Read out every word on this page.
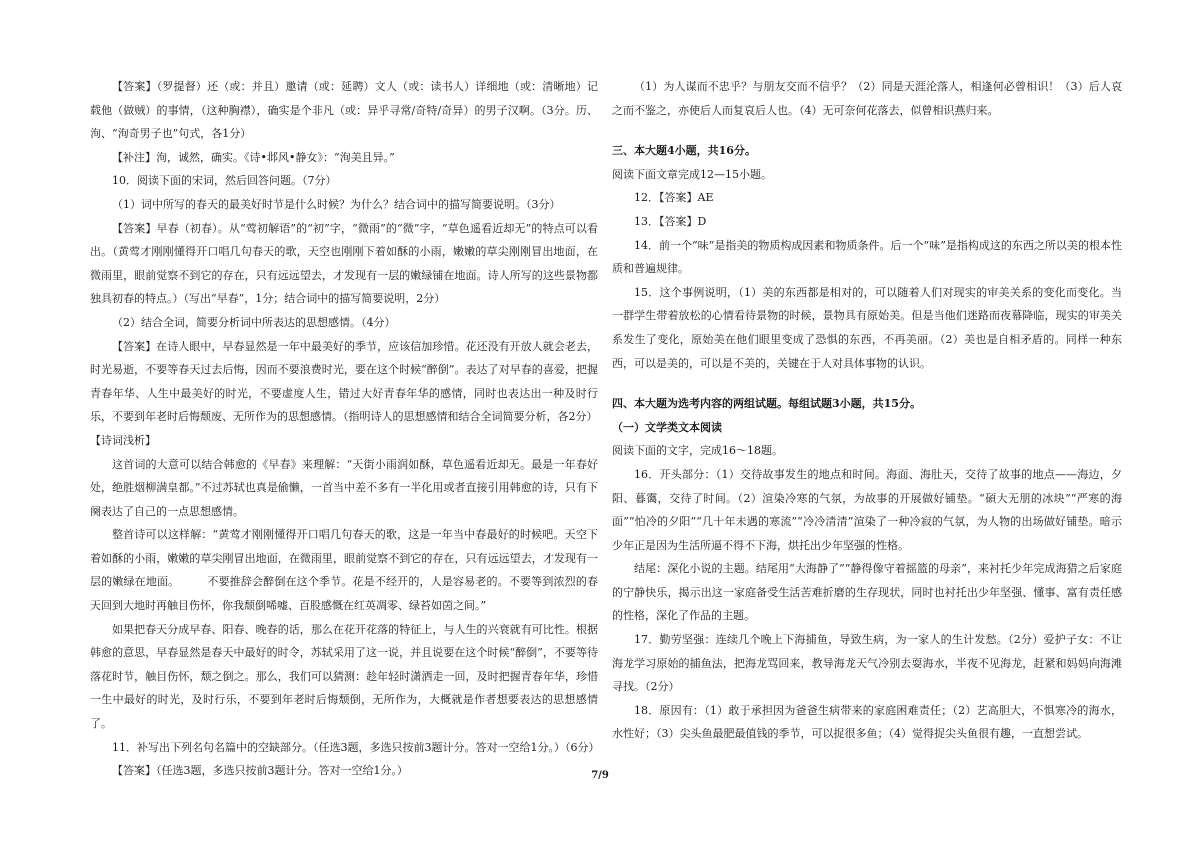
【答案】（罗提督）还（或：并且）邀请（或：延聘）文人（或：读书人）详细地（或：清晰地）记载他（做贼）的事情，（这种胸襟），确实是个非凡（或：异乎寻常/奇特/奇异）的男子汉啊。（3分。历、洵、“洵奇男子也”句式，各1分）

【补注】洵，诚然，确实。《诗•邶风•静女》：“洵美且异。”

10．阅读下面的宋词，然后回答问题。（7分）

（1）词中所写的春天的最美好时节是什么时候？为什么？结合词中的描写简要说明。（3分）

【答案】早春（初春）。从“莺初解语”的“初”字，“微雨”的“微”字，“草色遥看近却无”的特点可以看出。（黄莺才刚刚懂得开口唱几句春天的歌，天空也刚刚下着如酥的小雨，嫩嫩的草尖刚刚冒出地面，在微雨里，眼前觉察不到它的存在，只有远远望去，才发现有一层的嫩绿铺在地面。诗人所写的这些景物都独具初春的特点。）（写出“早春”，1分；结合词中的描写简要说明，2分）

（2）结合全词，简要分析词中所表达的思想感情。（4分）

【答案】在诗人眼中，早春显然是一年中最美好的季节，应该信加珍惜。花还没有开放人就会老去，时光易逝，不要等春天过去后悔，因而不要浪费时光，要在这个时候“醉倒”。表达了对早春的喜爱，把握青春年华、人生中最美好的时光，不要虚度人生，错过大好青春年华的感情，同时也表达出一种及时行乐，不要到年老时后悔颓废、无所作为的思想感情。（指明诗人的思想感情和结合全词简要分析，各2分）

【诗词浅析】

这首词的大意可以结合韩愈的《早春》来理解：“天街小雨润如酥，草色遥看近却无。最是一年春好处，绝胜烟柳满皇都。”不过苏轼也真是偷懒，一首当中差不多有一半化用或者直接引用韩愈的诗，只有下阕表达了自己的一点思想感情。

整首诗可以这样解：“黄莺才刚刚懂得开口唱几句春天的歌，这是一年当中春最好的时候吧。天空下着如酥的小雨，嫩嫩的草尖刚冒出地面，在微雨里，眼前觉察不到它的存在，只有远远望去，才发现有一层的嫩绿在地面。　　　不要推辞会醉倒在这个季节。花是不经开的，人是容易老的。不要等到浓烈的春天回到大地时再触目伤怀，你我颓倒唏嘘、百股感慨在红英凋零、绿苔如茵之间。”

如果把春天分成早春、阳春、晚春的话，那么在花开花落的特征上，与人生的兴衰就有可比性。根据韩愈的意思，早春显然是春天中最好的时令，苏轼采用了这一说，并且说要在这个时候“醉倒”，不要等待落花时节，触目伤怀，颓之倒之。那么，我们可以猜测：趁年轻时潇洒走一回，及时把握青春年华，珍惜一生中最好的时光，及时行乐，不要到年老时后悔颓倒，无所作为，大概就是作者想要表达的思想感情了。

11．补写出下列名句名篇中的空缺部分。（任选3题，多选只按前3题计分。答对一空给1分。）（6分）

【答案】（任选3题，多选只按前3题计分。答对一空给1分。）

（1）为人谋而不忠乎？与朋友交而不信乎？（2）同是天涯沦落人，相逢何必曾相识！（3）后人哀之而不鉴之，亦使后人而复哀后人也。（4）无可奈何花落去，似曾相识燕归来。

三、本大题4小题，共16分。

阅读下面文章完成12—15小题。

12．【答案】AE

13．【答案】D

14．前一个“味”是指美的物质构成因素和物质条件。后一个“味”是指构成这的东西之所以美的根本性质和普遍规律。

15．这个事例说明，（1）美的东西都是相对的，可以随着人们对现实的审美关系的变化而变化。当一群学生带着放松的心情看待景物的时候，景物具有原始美。但是当他们迷路而夜幕降临，现实的审美关系发生了变化，原始美在他们眼里变成了恐惧的东西，不再美丽。（2）美也是自相矛盾的。同样一种东西，可以是美的，可以是不美的，关键在于人对具体事物的认识。

四、本大题为选考内容的两组试题。每组试题3小题，共15分。

（一）文学类文本阅读

阅读下面的文字，完成16～18题。

16．开头部分：（1）交待故事发生的地点和时间。海面、海肚天，交待了故事的地点——海边，夕阳、暮霭，交待了时间。（2）渲染冷寒的气氛，为故事的开展做好铺垫。“碩大无朋的冰块”“严寒的海面”“怕冷的夕阳”“几十年未遇的寒流”“冷冷清清”渲染了一种冷寂的气氛，为人物的出场做好铺垫。暗示少年正是因为生活所逼不得不下海，烘托出少年坚强的性格。

结尾：深化小说的主题。结尾用“大海静了”“静得像守着摇篮的母亲”，来衬托少年完成海猎之后家庭的宁静快乐，揭示出这一家庭备受生活苦难折磨的生存现状，同时也衬托出少年坚强、懂事、富有责任感的性格，深化了作品的主题。

17．勤劳坚强：连续几个晚上下海捕鱼，导致生病，为一家人的生计发愁。（2分）爱护子女：不让海龙学习原始的捕鱼法，把海龙骂回来，教导海龙天气冷别去耍海水，半夜不见海龙，赶紧和妈妈向海滩寻找。（2分）

18．原因有：（1）敢于承担因为爸爸生病带来的家庭困难责任；（2）艺高胆大，不惧寒冷的海水，水性好；（3）尖头鱼最肥最值钱的季节，可以捉很多鱼；（4）觉得捉尖头鱼很有趣，一直想尝试。

7/9
